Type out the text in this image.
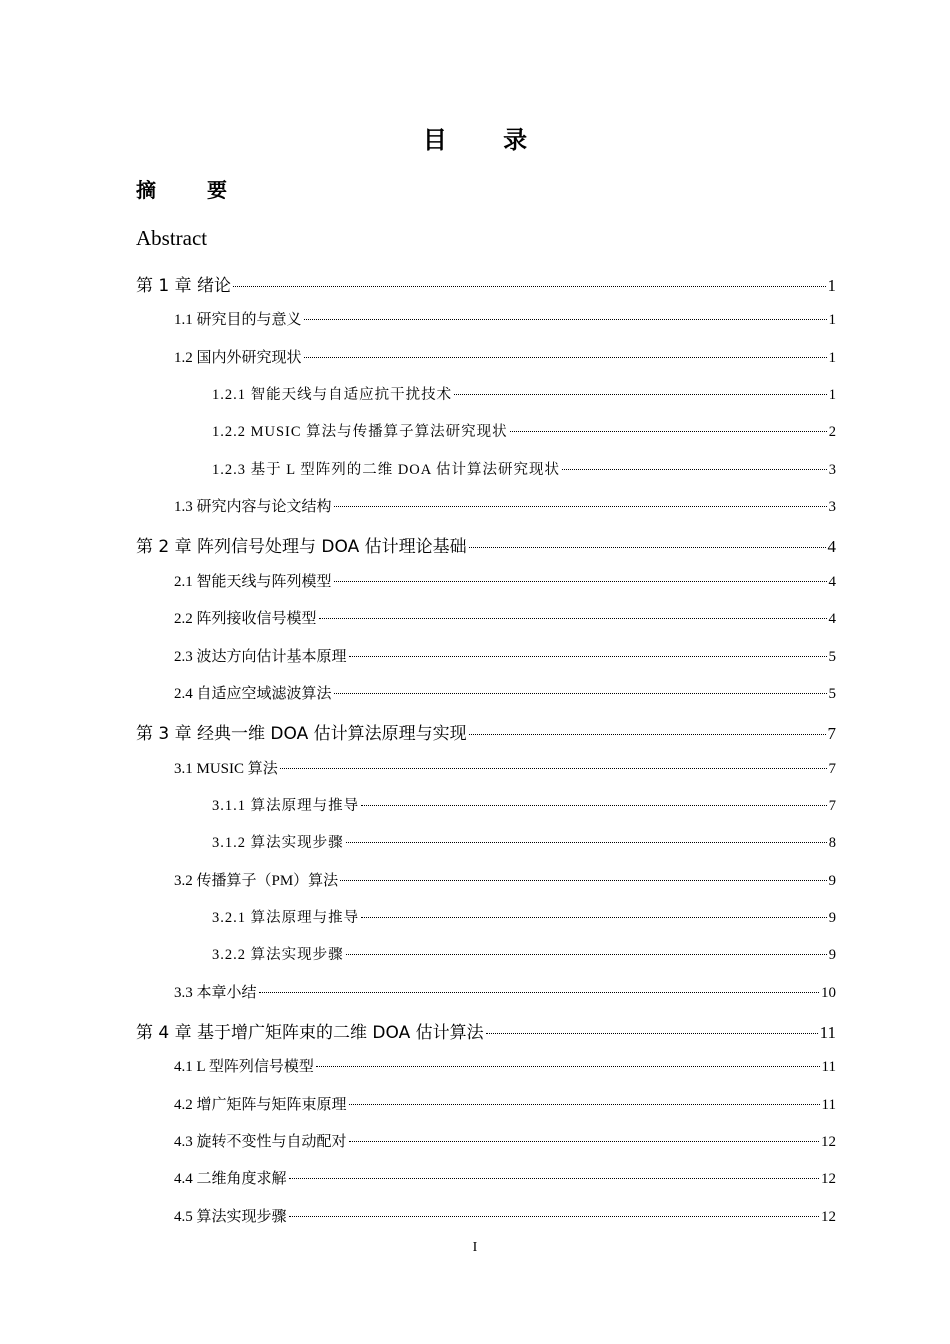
目 录
摘 要
Abstract
第 1 章 绪论	1
1.1 研究目的与意义	1
1.2 国内外研究现状	1
1.2.1 智能天线与自适应抗干扰技术	1
1.2.2 MUSIC 算法与传播算子算法研究现状	2
1.2.3 基于 L 型阵列的二维 DOA 估计算法研究现状	3
1.3 研究内容与论文结构	3
第 2 章 阵列信号处理与 DOA 估计理论基础	4
2.1 智能天线与阵列模型	4
2.2 阵列接收信号模型	4
2.3 波达方向估计基本原理	5
2.4 自适应空域滤波算法	5
第 3 章 经典一维 DOA 估计算法原理与实现	7
3.1 MUSIC 算法	7
3.1.1 算法原理与推导	7
3.1.2 算法实现步骤	8
3.2 传播算子（PM）算法	9
3.2.1 算法原理与推导	9
3.2.2 算法实现步骤	9
3.3 本章小结	10
第 4 章 基于增广矩阵束的二维 DOA 估计算法	11
4.1 L 型阵列信号模型	11
4.2 增广矩阵与矩阵束原理	11
4.3 旋转不变性与自动配对	12
4.4 二维角度求解	12
4.5 算法实现步骤	12
I
